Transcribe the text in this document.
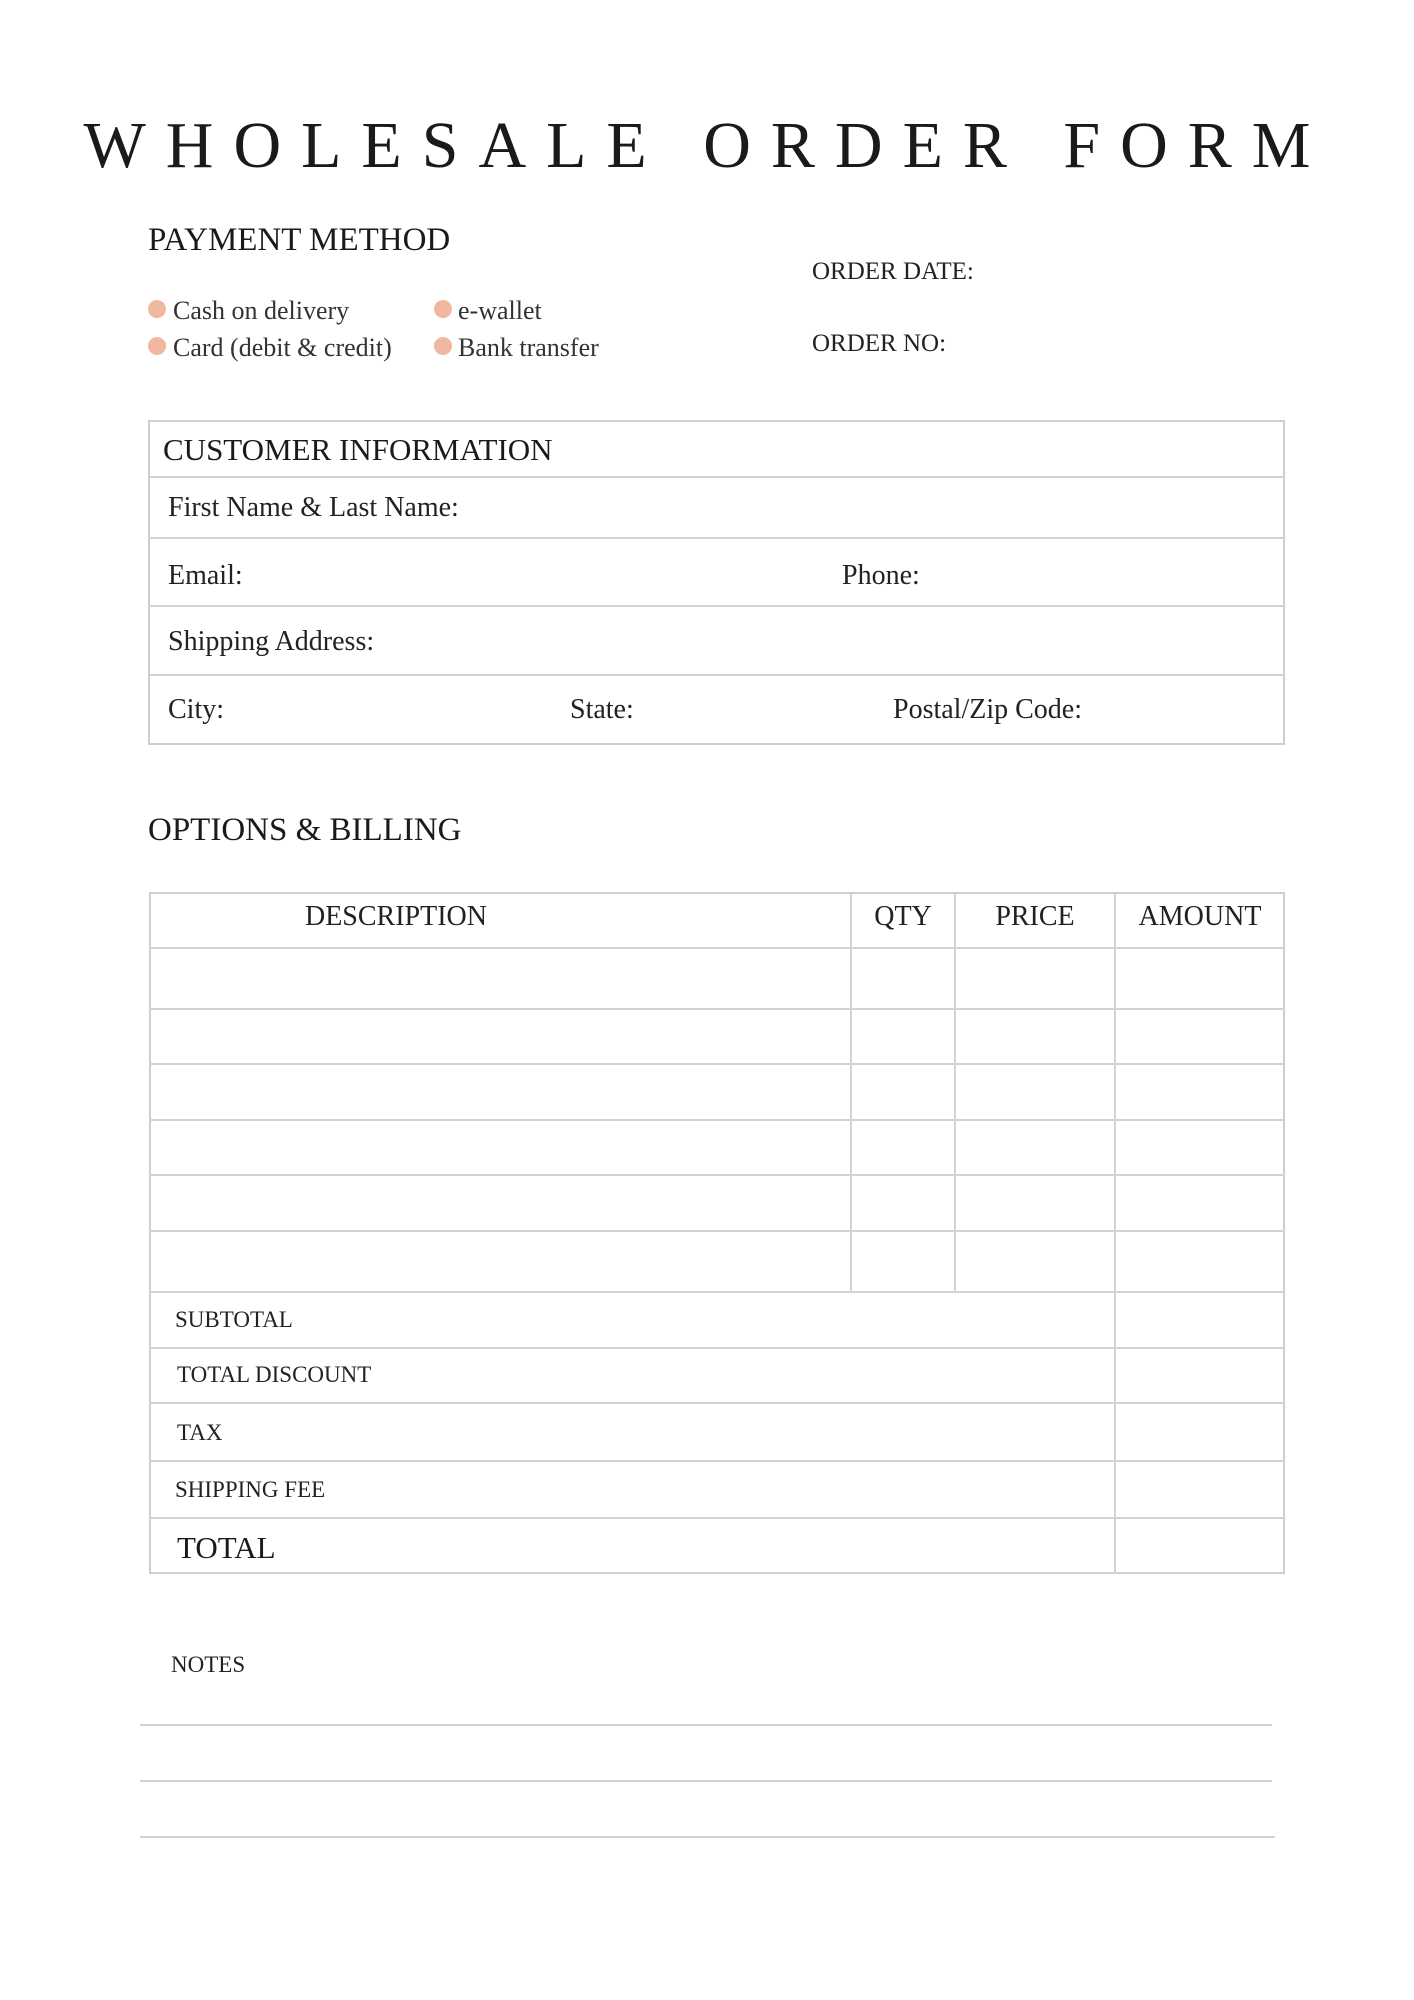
WHOLESALE ORDER FORM
PAYMENT METHOD
Cash on delivery	e-wallet
Card (debit & credit)	Bank transfer
ORDER DATE:
ORDER NO:
CUSTOMER INFORMATION
First Name & Last Name:
Email:	Phone:
Shipping Address:
City:	State:	Postal/Zip Code:
OPTIONS & BILLING
DESCRIPTION	QTY	PRICE	AMOUNT
SUBTOTAL
TOTAL DISCOUNT
TAX
SHIPPING FEE
TOTAL
NOTES
